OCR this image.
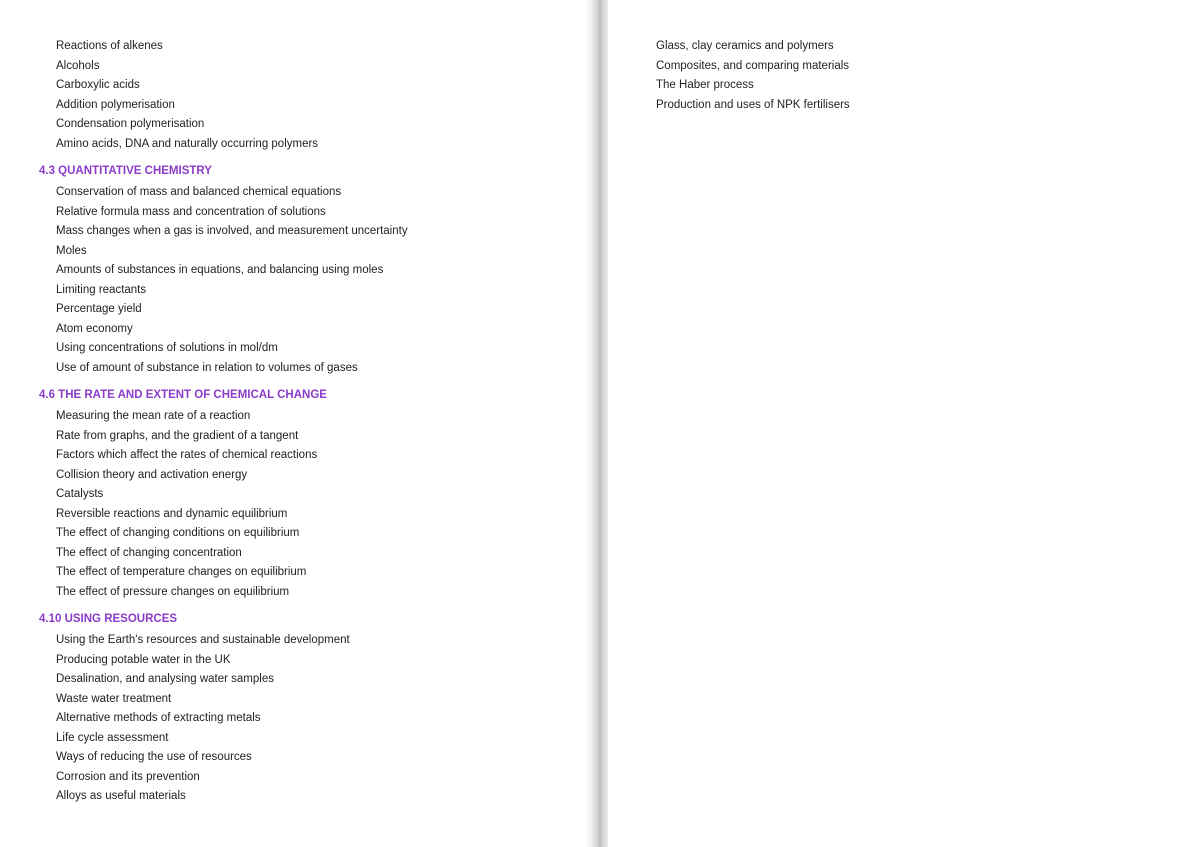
Reactions of alkenes
Alcohols
Carboxylic acids
Addition polymerisation
Condensation polymerisation
Amino acids, DNA and naturally occurring polymers
4.3 QUANTITATIVE CHEMISTRY
Conservation of mass and balanced chemical equations
Relative formula mass and concentration of solutions
Mass changes when a gas is involved, and measurement uncertainty
Moles
Amounts of substances in equations, and balancing using moles
Limiting reactants
Percentage yield
Atom economy
Using concentrations of solutions in mol/dm
Use of amount of substance in relation to volumes of gases
4.6 THE RATE AND EXTENT OF CHEMICAL CHANGE
Measuring the mean rate of a reaction
Rate from graphs, and the gradient of a tangent
Factors which affect the rates of chemical reactions
Collision theory and activation energy
Catalysts
Reversible reactions and dynamic equilibrium
The effect of changing conditions on equilibrium
The effect of changing concentration
The effect of temperature changes on equilibrium
The effect of pressure changes on equilibrium
4.10 USING RESOURCES
Using the Earth's resources and sustainable development
Producing potable water in the UK
Desalination, and analysing water samples
Waste water treatment
Alternative methods of extracting metals
Life cycle assessment
Ways of reducing the use of resources
Corrosion and its prevention
Alloys as useful materials
Glass, clay ceramics and polymers
Composites, and comparing materials
The Haber process
Production and uses of NPK fertilisers
